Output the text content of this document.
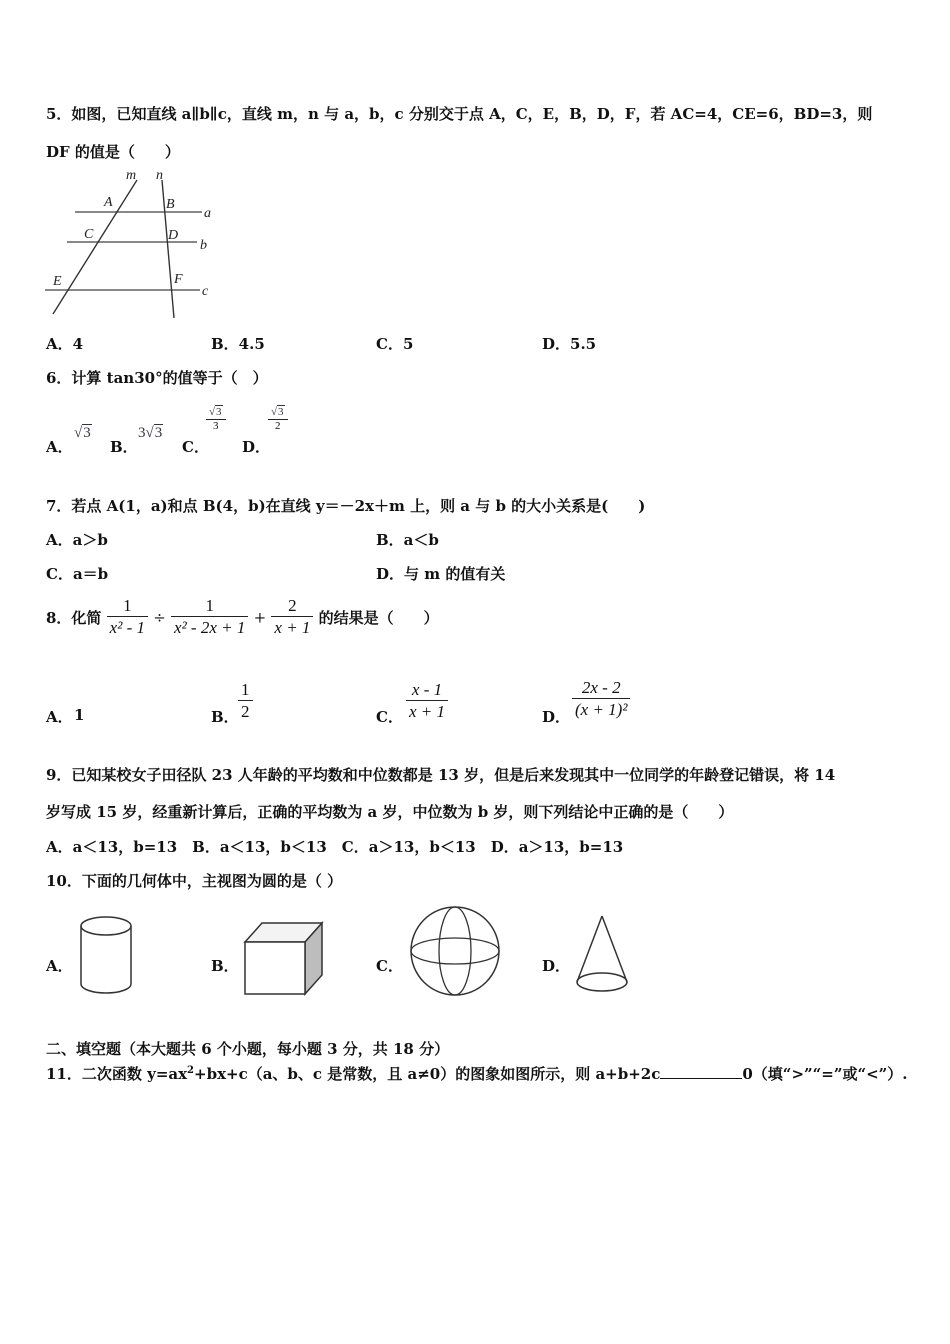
5．如图，已知直线 a∥b∥c，直线 m，n 与 a，b，c 分别交于点 A，C，E，B，D，F，若 AC=4，CE=6，BD=3，则
DF 的值是（　　）
m n
A	B
a
C	D
b
E	F
c
A．4	B．4.5	C．5	D．5.5
6．计算 tan30°的值等于（　）
A．
√3
B．
3√3
C．
$\frac{√3}{3}$
D．
$\frac{√3}{2}$
7．若点 A(1，a)和点 B(4，b)在直线 y＝－2x＋m 上，则 a 与 b 的大小关系是(　　)
A．a＞b	B．a＜b
C．a＝b	D．与 m 的值有关
8．化简 $\frac{1}{\text{x² - 1}} \div \frac{1}{\text{x² - 2x + 1}} + \frac{2}{x + 1}$ 的结果是（　　）
A． 1	B． $\frac{1}{2}$	C． $\frac{x - 1}{x + 1}$	D． $\frac{2x - 2}{\text{(x + 1)²}}$
9．已知某校女子田径队 23 人年龄的平均数和中位数都是 13 岁，但是后来发现其中一位同学的年龄登记错误，将 14
岁写成 15 岁，经重新计算后，正确的平均数为 a 岁，中位数为 b 岁，则下列结论中正确的是（　　）
A．a＜13，b=13　B．a＜13，b＜13　C．a＞13，b＜13　D．a＞13，b=13
10．下面的几何体中，主视图为圆的是（ ）
A．	B．	C．	D．
二、填空题（本大题共 6 个小题，每小题 3 分，共 18 分）
11．二次函数 $y=ax^2+bx+c(a$、b、c 是常数，且 a≠0）的图象如图所示，则 a+b+2c	0（填“>”“=”或“<”）.
